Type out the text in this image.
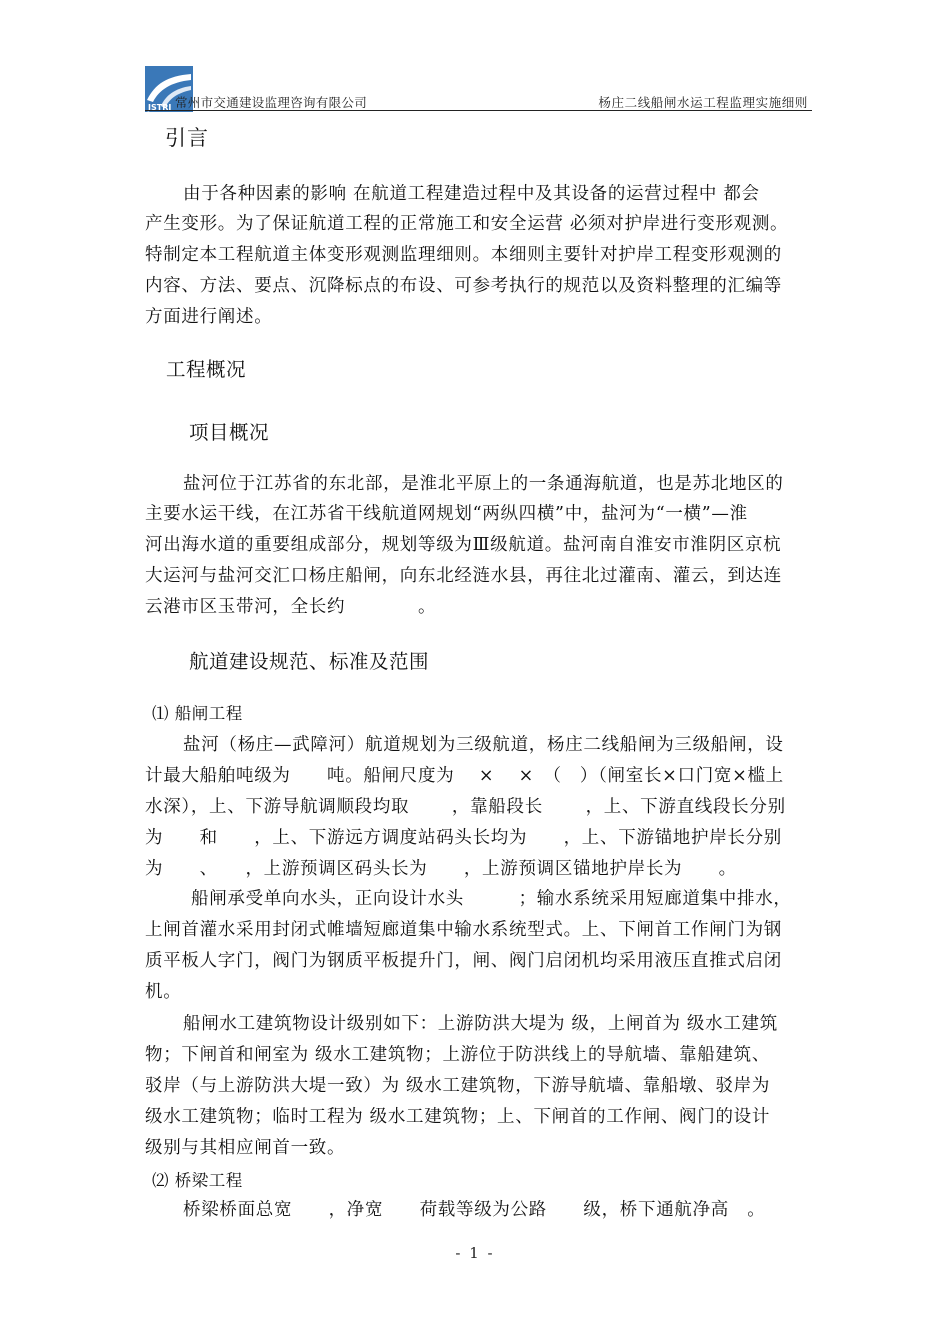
JSTRI 常州市交通建设监理咨询有限公司	杨庄二线船闸水运工程监理实施细则
引言
由于各种因素的影响 在航道工程建造过程中及其设备的运营过程中 都会
产生变形。为了保证航道工程的正常施工和安全运营 必须对护岸进行变形观测。
特制定本工程航道主体变形观测监理细则。本细则主要针对护岸工程变形观测的
内容、方法、要点、沉降标点的布设、可参考执行的规范以及资料整理的汇编等
方面进行阐述。
工程概况
项目概况
盐河位于江苏省的东北部，是淮北平原上的一条通海航道，也是苏北地区的
主要水运干线，在江苏省干线航道网规划“两纵四横”中，盐河为“一横”—淮
河出海水道的重要组成部分，规划等级为Ⅲ级航道。盐河南自淮安市淮阴区京杭
大运河与盐河交汇口杨庄船闸，向东北经涟水县，再往北过灌南、灌云，到达连
云港市区玉带河，全长约　　　　。
航道建设规范、标准及范围
⑴ 船闸工程
盐河（杨庄—武障河）航道规划为三级航道，杨庄二线船闸为三级船闸，设
计最大船舶吨级为　　吨。船闸尺度为　 ×　 ×　（　）（闸室长×口门宽×槛上
水深），上、下游导航调顺段均取　　 ，靠船段长　　 ，上、下游直线段长分别
为　　和　　，上、下游远方调度站码头长均为　　，上、下游锚地护岸长分别
为　　、　　，上游预调区码头长为　　，上游预调区锚地护岸长为　　。
船闸承受单向水头，正向设计水头　　　；输水系统采用短廊道集中排水，
上闸首灌水采用封闭式帷墙短廊道集中输水系统型式。上、下闸首工作闸门为钢
质平板人字门，阀门为钢质平板提升门，闸、阀门启闭机均采用液压直推式启闭
机。
船闸水工建筑物设计级别如下：上游防洪大堤为 级，上闸首为 级水工建筑
物；下闸首和闸室为 级水工建筑物；上游位于防洪线上的导航墙、靠船建筑、
驳岸（与上游防洪大堤一致）为 级水工建筑物，下游导航墙、靠船墩、驳岸为
级水工建筑物；临时工程为 级水工建筑物；上、下闸首的工作闸、阀门的设计
级别与其相应闸首一致。
⑵ 桥梁工程
桥梁桥面总宽　　，净宽　　荷载等级为公路　　级，桥下通航净高　。
- 1 -
